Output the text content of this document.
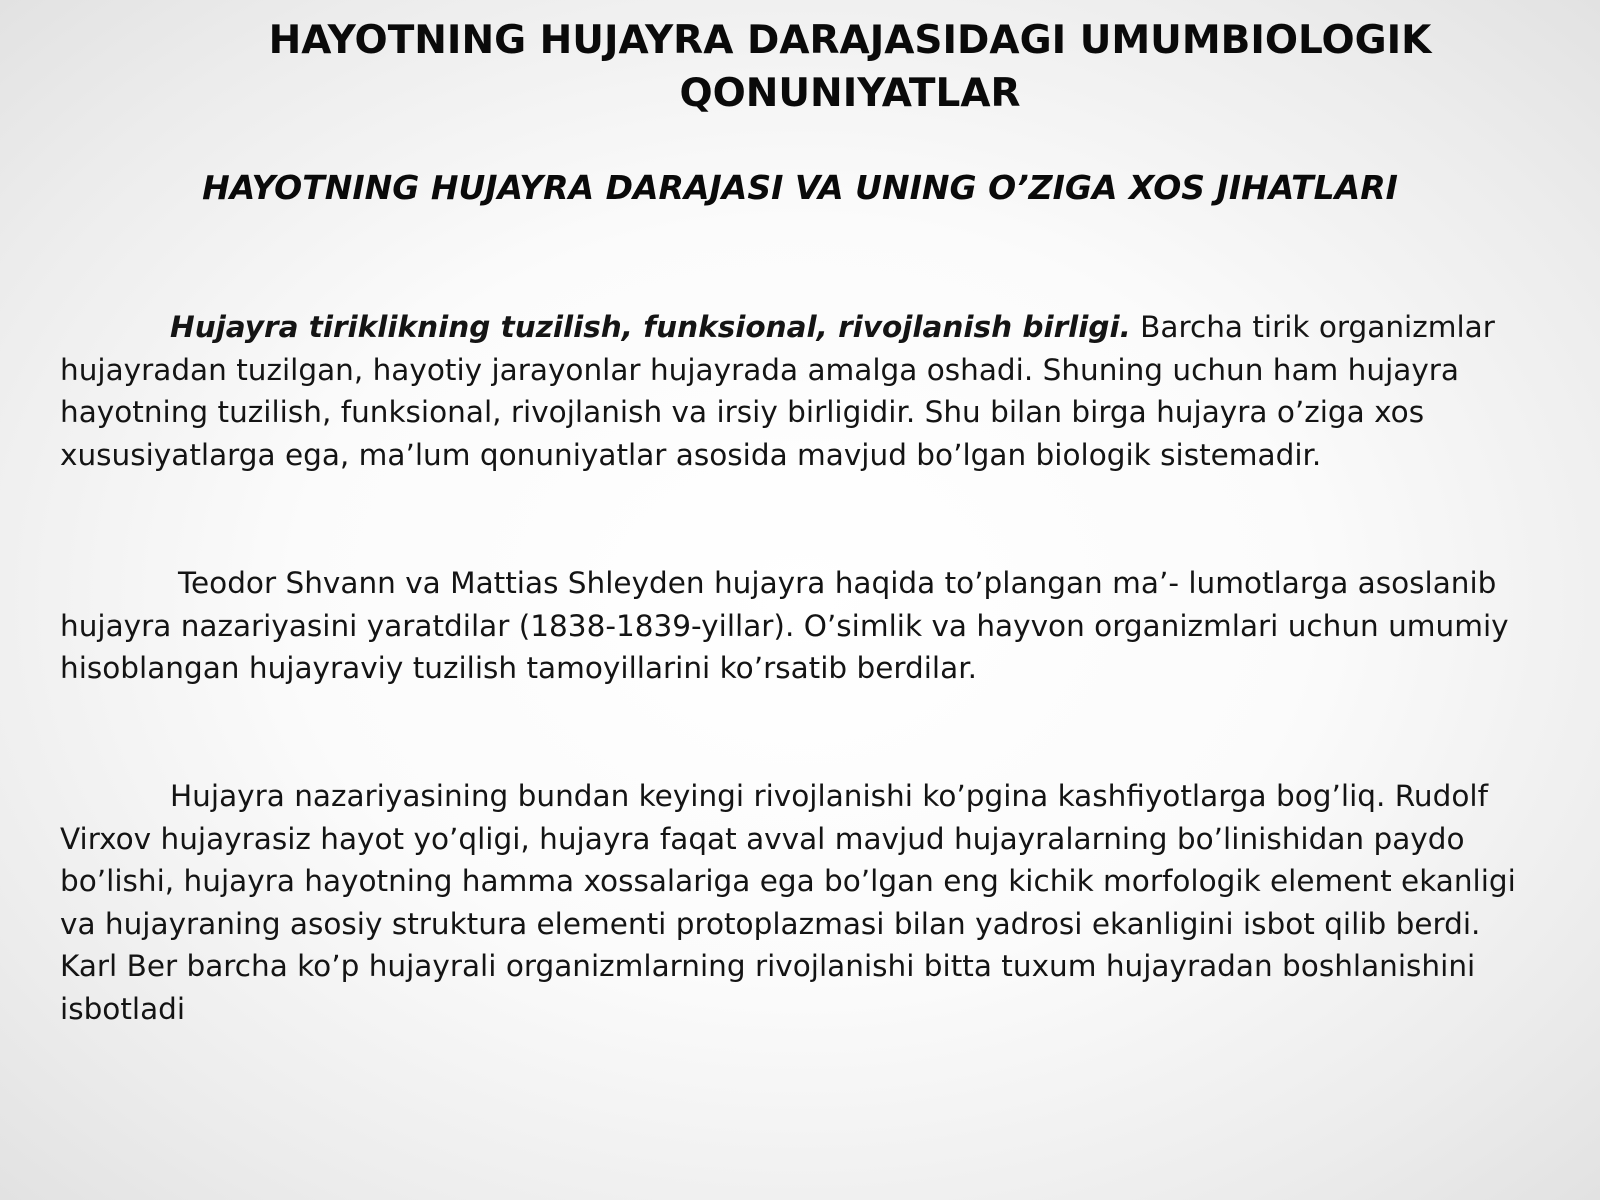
HAYOTNING HUJAYRA DARAJASIDAGI UMUMBIOLOGIK
QONUNIYATLAR
HAYOTNING HUJAYRA DARAJASI VA UNING O’ZIGA XOS JIHATLARI

Hujayra tiriklikning tuzilish, funksional, rivojlanish birligi. Barcha tirik organizmlar hujayradan tuzilgan, hayotiy jarayonlar hujayrada amalga oshadi. Shuning uchun ham hujayra hayotning tuzilish, funksional, rivojlanish va irsiy birligidir. Shu bilan birga hujayra o’ziga xos xususiyatlarga ega, ma’lum qonuniyatlar asosida mavjud bo’lgan biologik sistemadir.

Teodor Shvann va Mattias Shleyden hujayra haqida to’plangan ma’- lumotlarga asoslanib hujayra nazariyasini yaratdilar (1838-1839-yillar). O’simlik va hayvon organizmlari uchun umumiy hisoblangan hujayraviy tuzilish tamoyillarini ko’rsatib berdilar.

Hujayra nazariyasining bundan keyingi rivojlanishi ko’pgina kashfiyotlarga bog’liq. Rudolf Virxov hujayrasiz hayot yo’qligi, hujayra faqat avval mavjud hujayralarning bo’linishidan paydo bo’lishi, hujayra hayotning hamma xossalariga ega bo’lgan eng kichik morfologik element ekanligi va hujayraning asosiy struktura elementi protoplazmasi bilan yadrosi ekanligini isbot qilib berdi. Karl Ber barcha ko’p hujayrali organizmlarning rivojlanishi bitta tuxum hujayradan boshlanishini isbotladi
